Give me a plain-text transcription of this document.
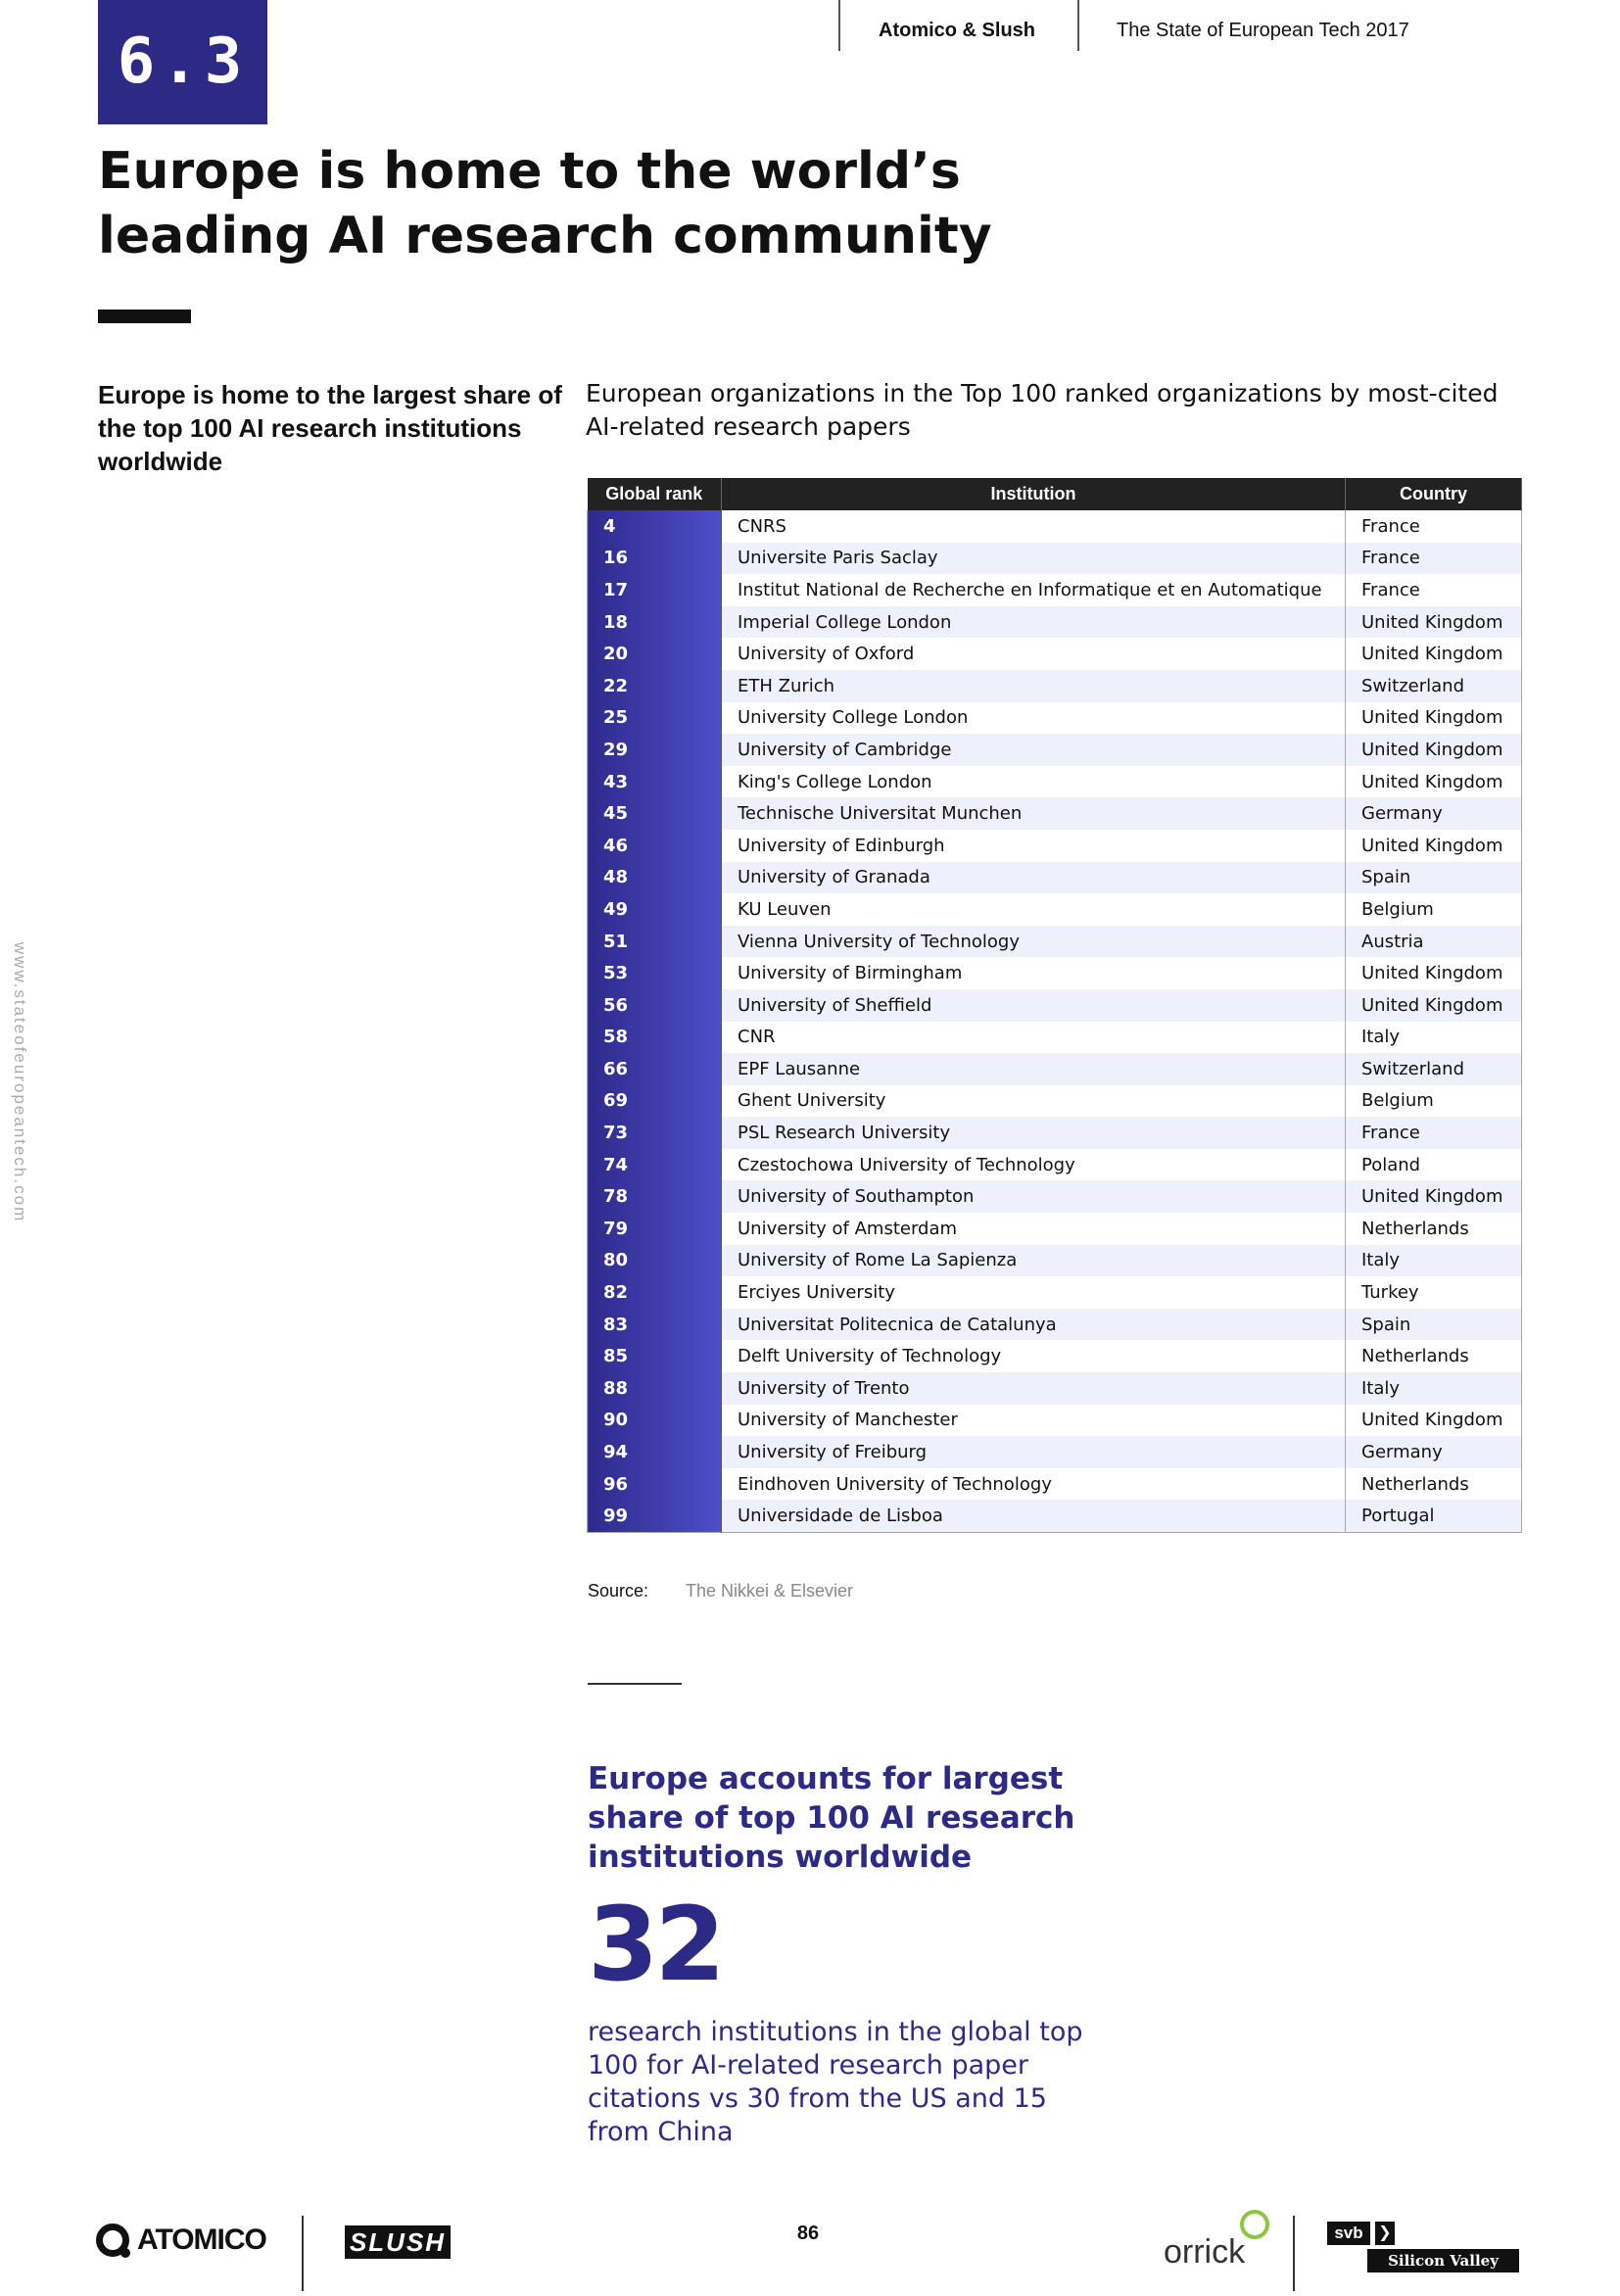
6.3	Atomico & Slush	The State of European Tech 2017
Europe is home to the world’s leading AI research community
Europe is home to the largest share of the top 100 AI research institutions worldwide

European organizations in the Top 100 ranked organizations by most-cited AI-related research papers

Global rank	Institution	Country
4	CNRS	France
16	Universite Paris Saclay	France
17	Institut National de Recherche en Informatique et en Automatique	France
18	Imperial College London	United Kingdom
20	University of Oxford	United Kingdom
22	ETH Zurich	Switzerland
25	University College London	United Kingdom
29	University of Cambridge	United Kingdom
43	King's College London	United Kingdom
45	Technische Universitat Munchen	Germany
46	University of Edinburgh	United Kingdom
48	University of Granada	Spain
49	KU Leuven	Belgium
51	Vienna University of Technology	Austria
53	University of Birmingham	United Kingdom
56	University of Sheffield	United Kingdom
58	CNR	Italy
66	EPF Lausanne	Switzerland
69	Ghent University	Belgium
73	PSL Research University	France
74	Czestochowa University of Technology	Poland
78	University of Southampton	United Kingdom
79	University of Amsterdam	Netherlands
80	University of Rome La Sapienza	Italy
82	Erciyes University	Turkey
83	Universitat Politecnica de Catalunya	Spain
85	Delft University of Technology	Netherlands
88	University of Trento	Italy
90	University of Manchester	United Kingdom
94	University of Freiburg	Germany
96	Eindhoven University of Technology	Netherlands
99	Universidade de Lisboa	Portugal
Source: The Nikkei & Elsevier
Europe accounts for largest share of top 100 AI research institutions worldwide
32

research institutions in the global top 100 for AI-related research paper citations vs 30 from the US and 15 from China

www.stateofeuropeantech.com
ATOMICO	SLUSH	86	orrick
svb ❯
Silicon Valley Bank
